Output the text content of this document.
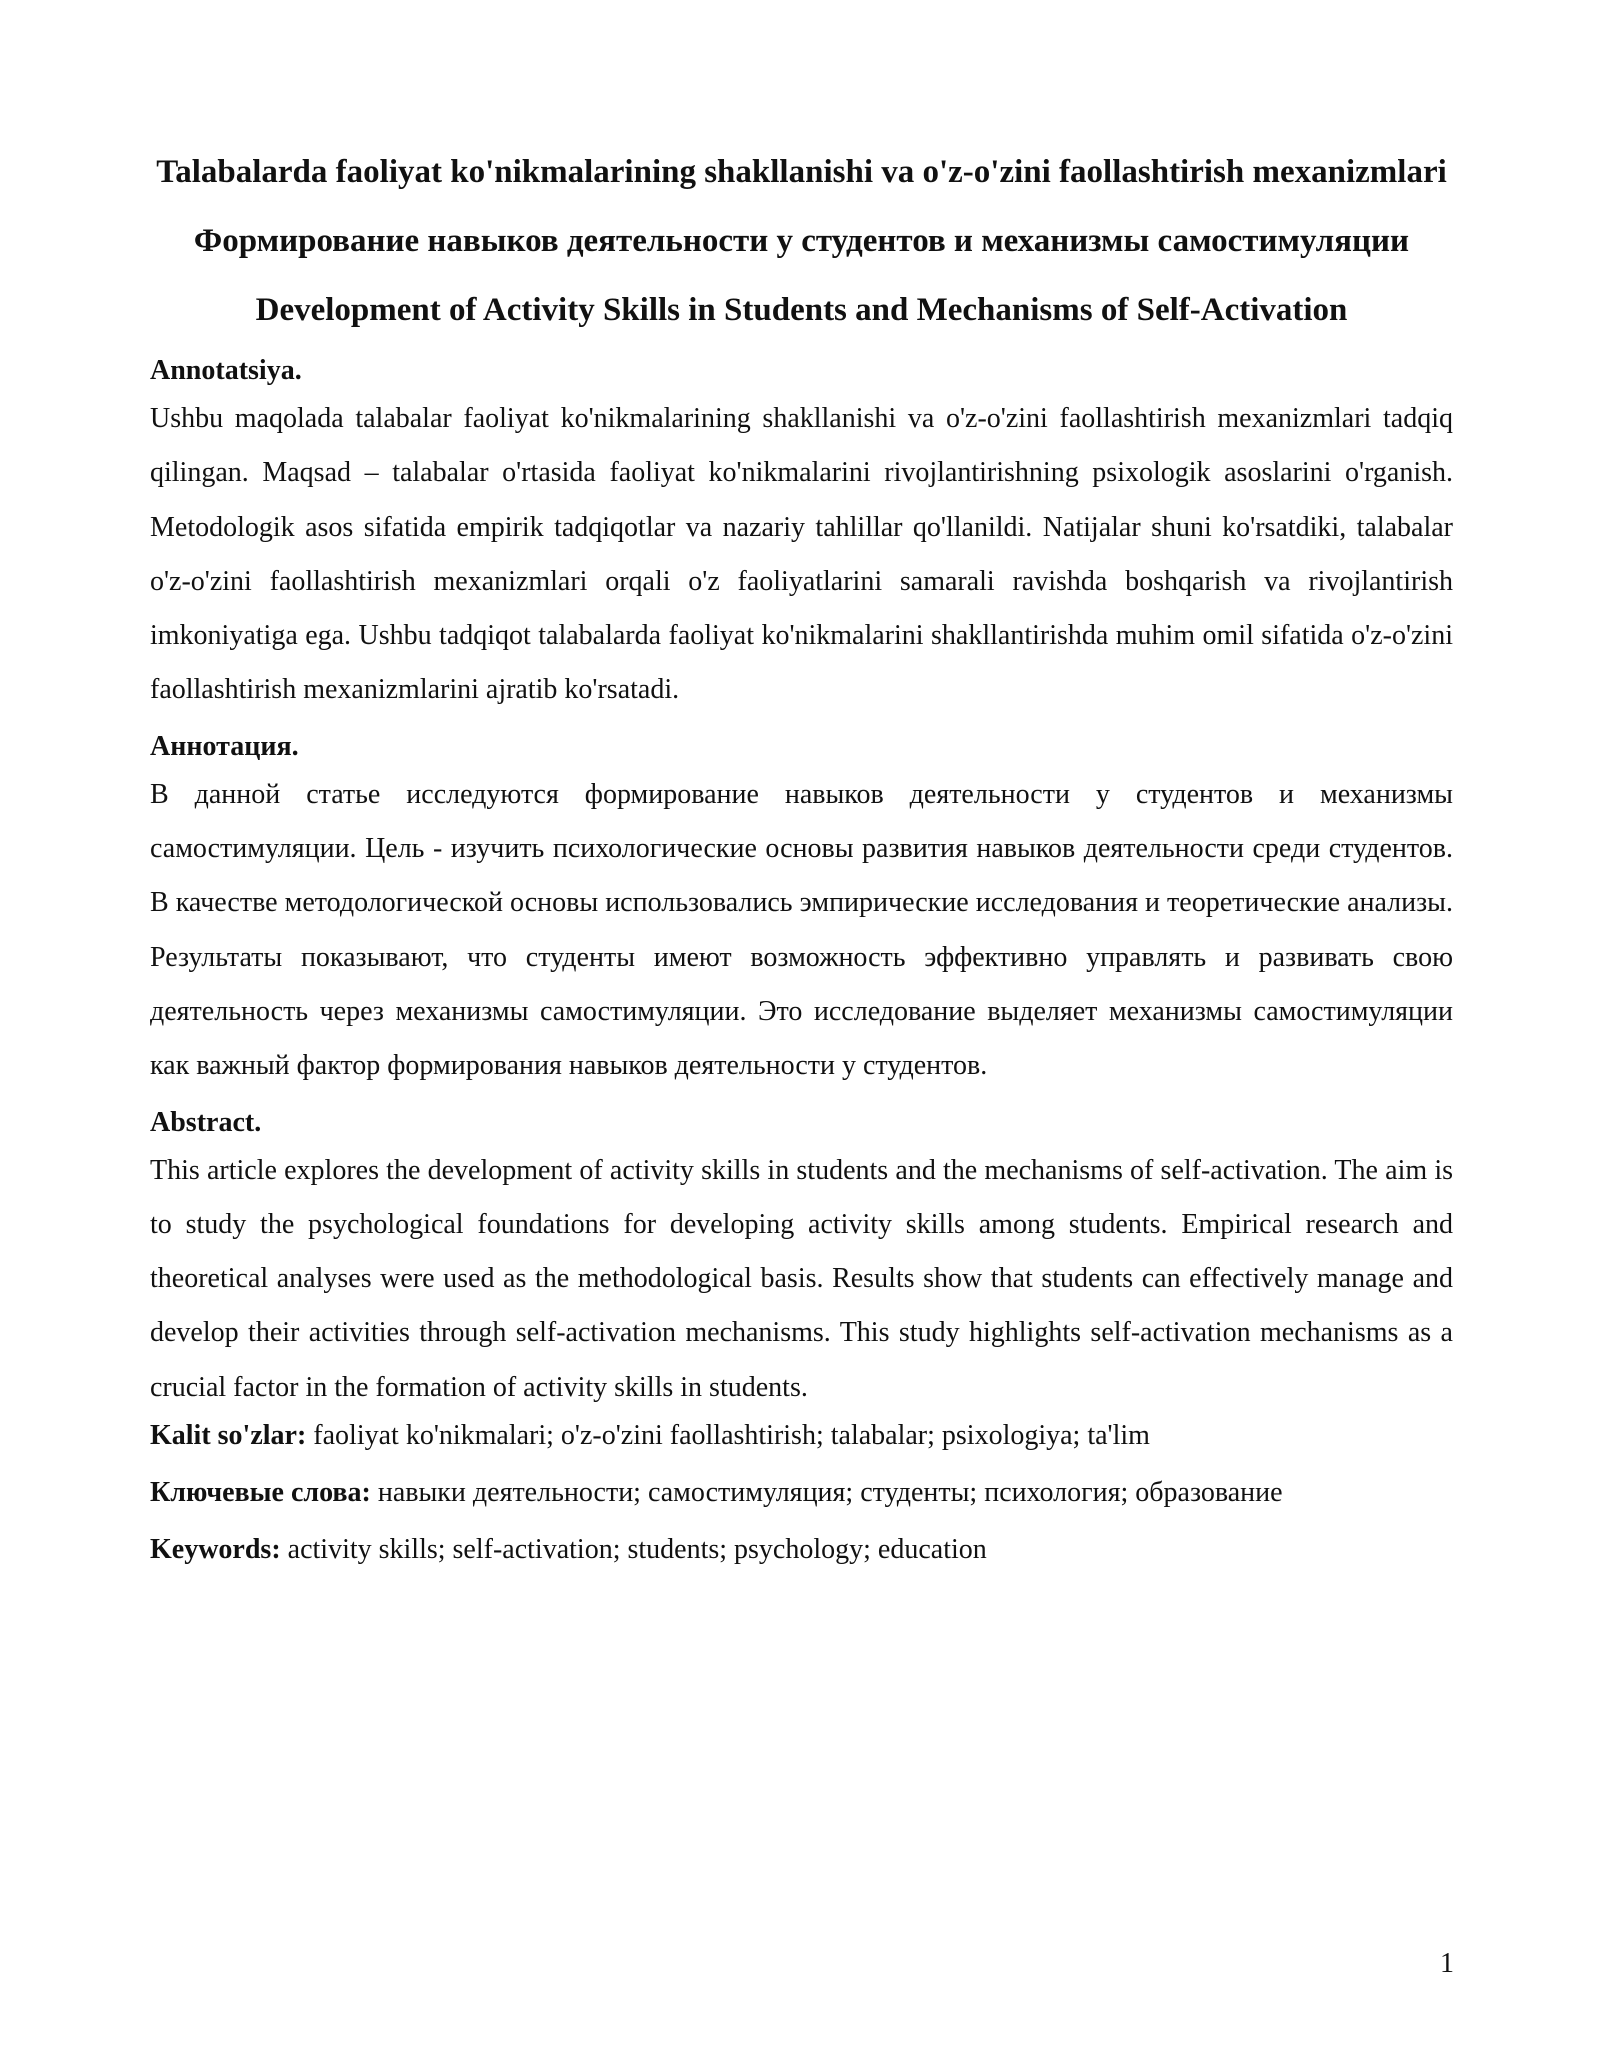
Talabalarda faoliyat ko'nikmalarining shakllanishi va o'z-o'zini faollashtirish mexanizmlari
Формирование навыков деятельности у студентов и механизмы самостимуляции
Development of Activity Skills in Students and Mechanisms of Self-Activation
Annotatsiya.

Ushbu maqolada talabalar faoliyat ko'nikmalarining shakllanishi va o'z-o'zini faollashtirish mexanizmlari tadqiq qilingan. Maqsad – talabalar o'rtasida faoliyat ko'nikmalarini rivojlantirishning psixologik asoslarini o'rganish. Metodologik asos sifatida empirik tadqiqotlar va nazariy tahlillar qo'llanildi. Natijalar shuni ko'rsatdiki, talabalar o'z-o'zini faollashtirish mexanizmlari orqali o'z faoliyatlarini samarali ravishda boshqarish va rivojlantirish imkoniyatiga ega. Ushbu tadqiqot talabalarda faoliyat ko'nikmalarini shakllantirishda muhim omil sifatida o'z-o'zini faollashtirish mexanizmlarini ajratib ko'rsatadi.

Аннотация.

В данной статье исследуются формирование навыков деятельности у студентов и механизмы самостимуляции. Цель - изучить психологические основы развития навыков деятельности среди студентов. В качестве методологической основы использовались эмпирические исследования и теоретические анализы. Результаты показывают, что студенты имеют возможность эффективно управлять и развивать свою деятельность через механизмы самостимуляции. Это исследование выделяет механизмы самостимуляции как важный фактор формирования навыков деятельности у студентов.

Abstract.

This article explores the development of activity skills in students and the mechanisms of self-activation. The aim is to study the psychological foundations for developing activity skills among students. Empirical research and theoretical analyses were used as the methodological basis. Results show that students can effectively manage and develop their activities through self-activation mechanisms. This study highlights self-activation mechanisms as a crucial factor in the formation of activity skills in students.

Kalit so'zlar: faoliyat ko'nikmalari; o'z-o'zini faollashtirish; talabalar; psixologiya; ta'lim

Ключевые слова: навыки деятельности; самостимуляция; студенты; психология; образование

Keywords: activity skills; self-activation; students; psychology; education

1
